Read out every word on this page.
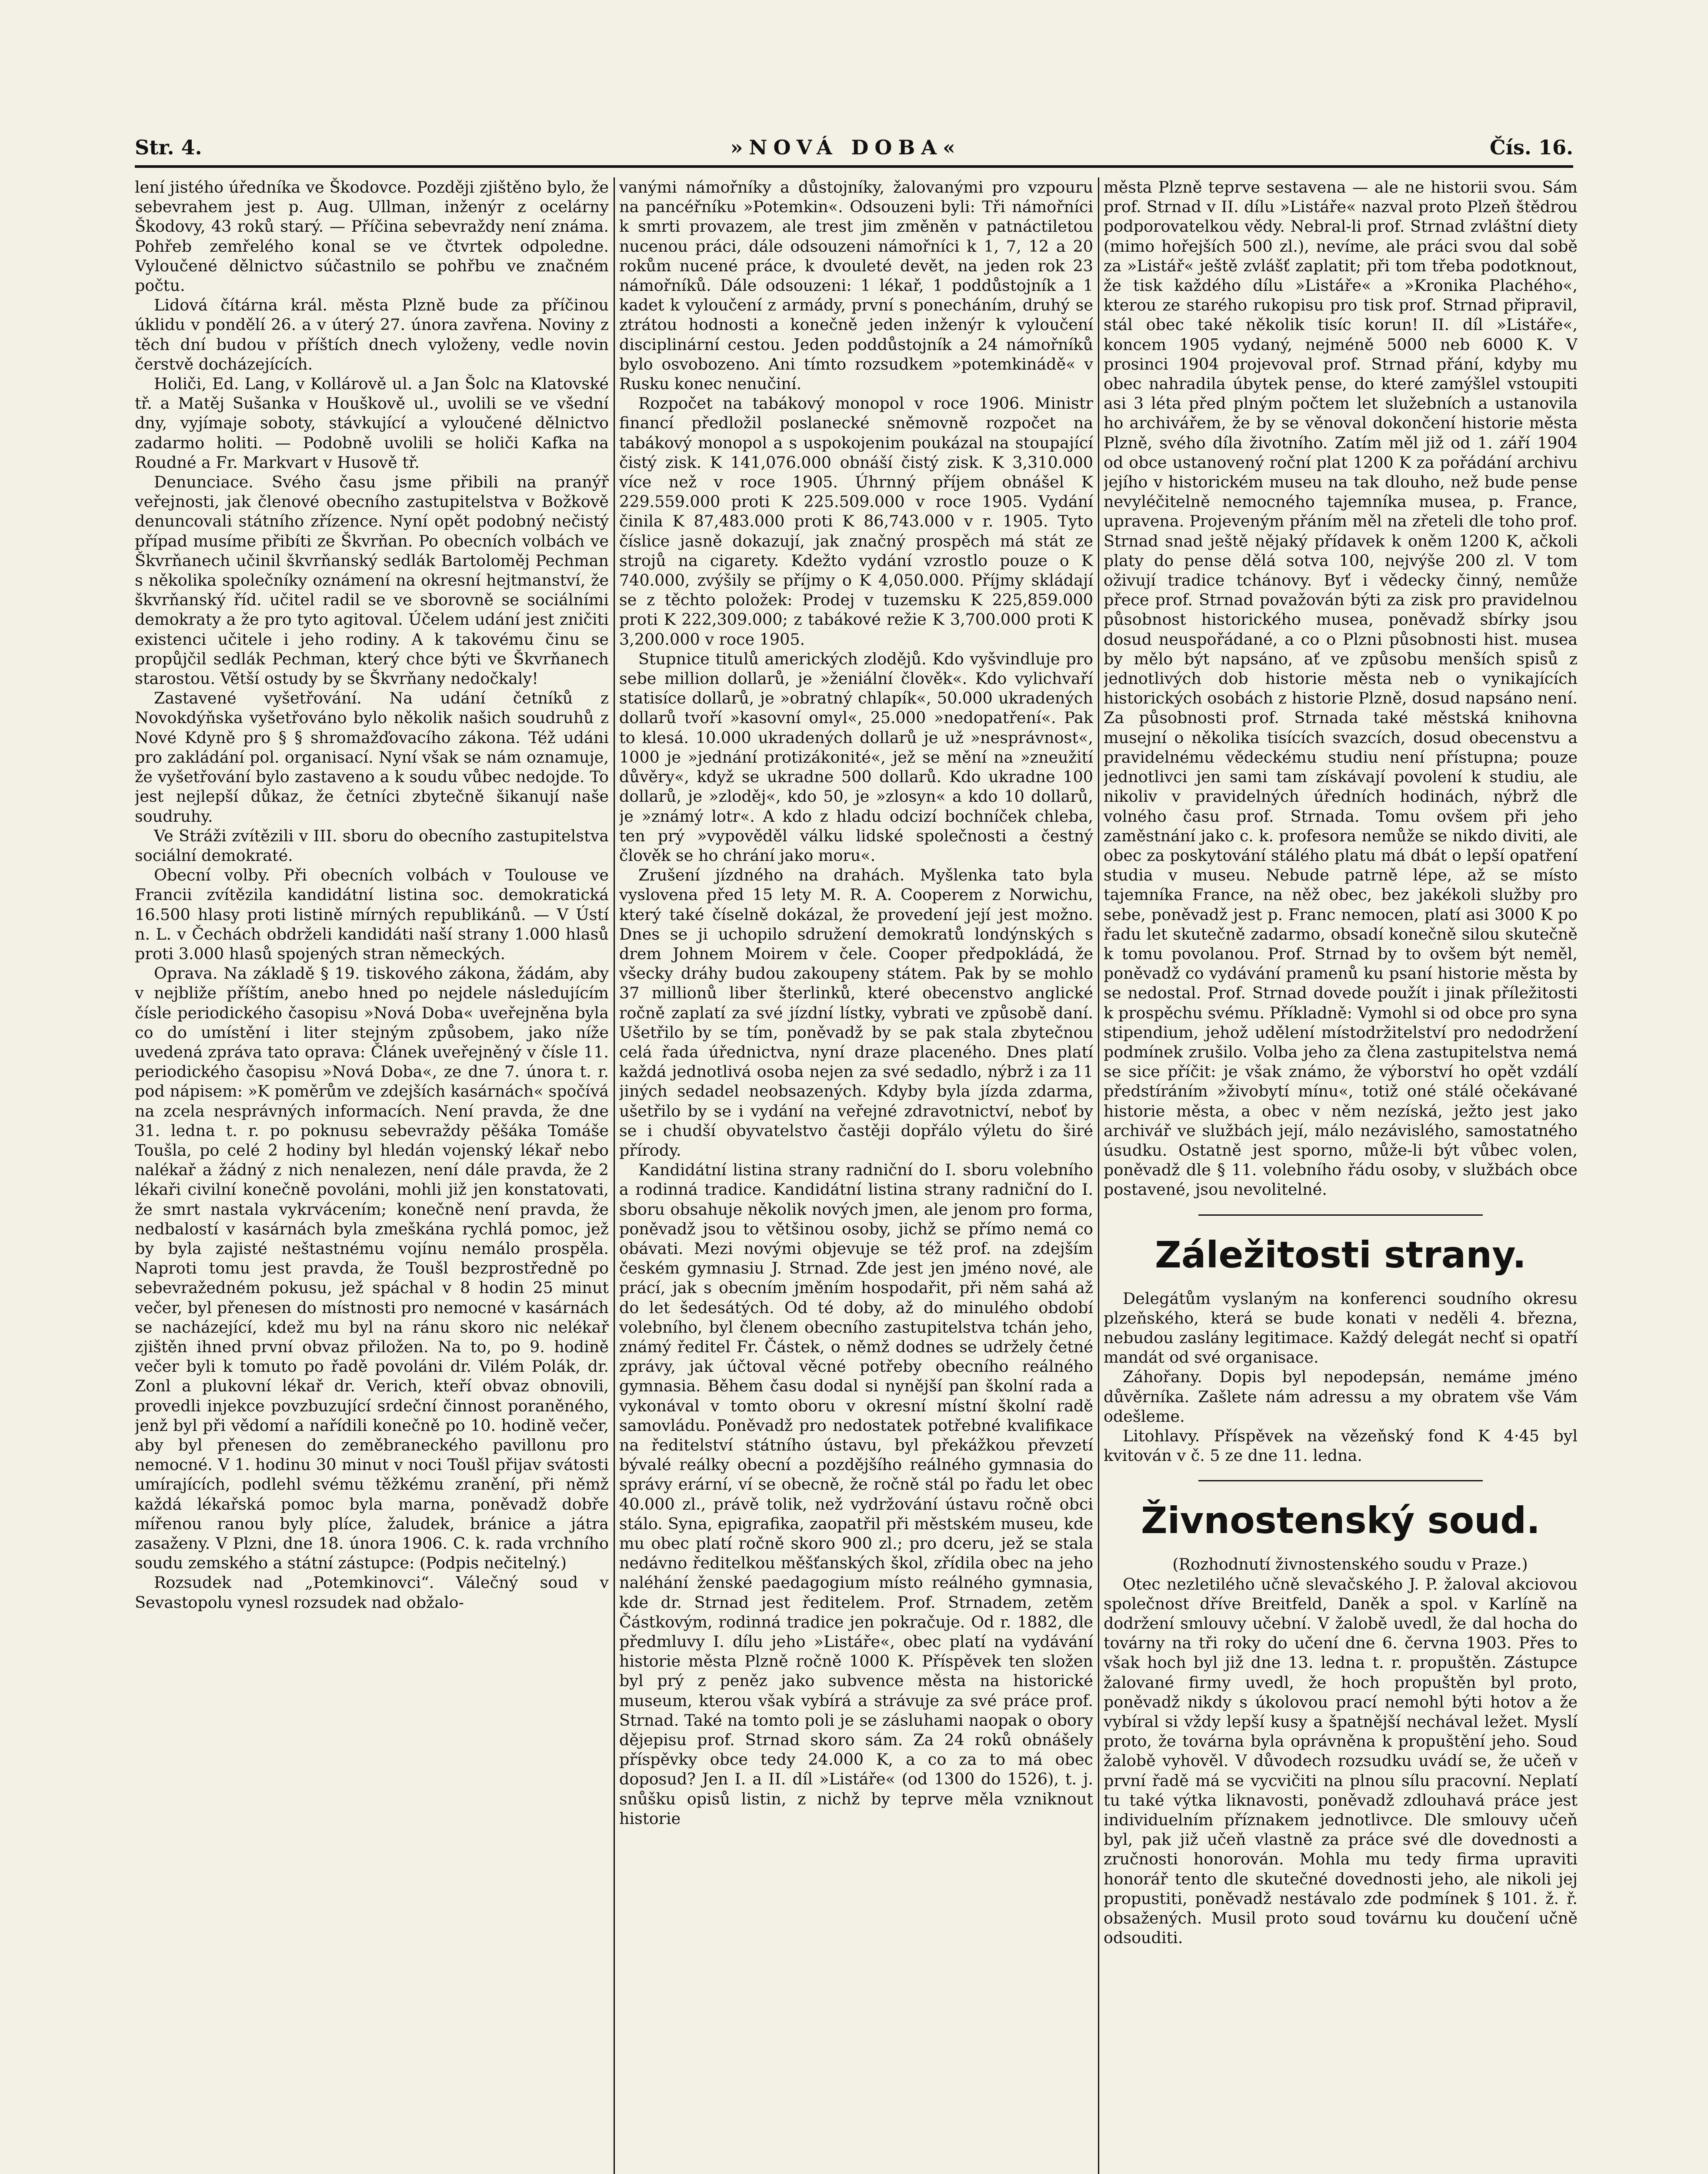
Str. 4.	»NOVÁ DOBA«	Čís. 16.

lení jistého úředníka ve Škodovce. Později zjištěno bylo, že sebevrahem jest p. Aug. Ullman, inženýr z ocelárny Škodovy, 43 roků starý. — Příčina sebevraždy není známa. Pohřeb zemřelého konal se ve čtvrtek odpoledne. Vyloučené dělnictvo súčastnilo se pohřbu ve značném počtu.

Lidová čítárna král. města Plzně bude za příčinou úklidu v pondělí 26. a v úterý 27. února zavřena. Noviny z těch dní budou v příštích dnech vyloženy, vedle novin čerstvě docházejících.

Holiči, Ed. Lang, v Kollárově ul. a Jan Šolc na Klatovské tř. a Matěj Sušanka v Houškově ul., uvolili se ve všední dny, vyjímaje soboty, stávkující a vyloučené dělnictvo zadarmo holiti. — Podobně uvolili se holiči Kafka na Roudné a Fr. Markvart v Husově tř.

Denunciace. Svého času jsme přibili na pranýř veřejnosti, jak členové obecního zastupitelstva v Božkově denuncovali státního zřízence. Nyní opět podobný nečistý případ musíme přibíti ze Škvrňan. Po obecních volbách ve Škvrňanech učinil škvrňanský sedlák Bartoloměj Pechman s několika společníky oznámení na okresní hejtmanství, že škvrňanský říd. učitel radil se ve sborovně se sociálními demokraty a že pro tyto agitoval. Účelem udání jest zničiti existenci učitele i jeho rodiny. A k takovému činu se propůjčil sedlák Pechman, který chce býti ve Škvrňanech starostou. Větší ostudy by se Škvrňany nedočkaly!

Zastavené vyšetřování. Na udání četníků z Novokdýňska vyšetřováno bylo několik našich soudruhů z Nové Kdyně pro § § shromažďovacího zákona. Též udáni pro zakládání pol. organisací. Nyní však se nám oznamuje, že vyšetřování bylo zastaveno a k soudu vůbec nedojde. To jest nejlepší důkaz, že četníci zbytečně šikanují naše soudruhy.

Ve Stráži zvítězili v III. sboru do obecního zastupitelstva sociální demokraté.

Obecní volby. Při obecních volbách v Toulouse ve Francii zvítězila kandidátní listina soc. demokratická 16.500 hlasy proti listině mírných republikánů. — V Ústí n. L. v Čechách obdrželi kandidáti naší strany 1.000 hlasů proti 3.000 hlasů spojených stran německých.

Oprava. Na základě § 19. tiskového zákona, žádám, aby v nejbliže příštím, anebo hned po nejdele následujícím čísle periodického časopisu »Nová Doba« uveřejněna byla co do umístění i liter stejným způsobem, jako níže uvedená zpráva tato oprava: Článek uveřejněný v čísle 11. periodického časopisu »Nová Doba«, ze dne 7. února t. r. pod nápisem: »K poměrům ve zdejších kasárnách« spočívá na zcela nesprávných informacích. Není pravda, že dne 31. ledna t. r. po poknusu sebevraždy pěšáka Tomáše Toušla, po celé 2 hodiny byl hledán vojenský lékař nebo nalékař a žádný z nich nenalezen, není dále pravda, že 2 lékaři civilní konečně povoláni, mohli již jen konstatovati, že smrt nastala vykrvácením; konečně není pravda, že nedbalostí v kasárnách byla zmeškána rychlá pomoc, jež by byla zajisté neštastnému vojínu nemálo prospěla. Naproti tomu jest pravda, že Toušl bezprostředně po sebevražedném pokusu, jež spáchal v 8 hodin 25 minut večer, byl přenesen do místnosti pro nemocné v kasárnách se nacházející, kdež mu byl na ránu skoro nic nelékař zjištěn ihned první obvaz přiložen. Na to, po 9. hodině večer byli k tomuto po řadě povoláni dr. Vilém Polák, dr. Zonl a plukovní lékař dr. Verich, kteří obvaz obnovili, provedli injekce povzbuzující srdeční činnost poraněného, jenž byl při vědomí a nařídili konečně po 10. hodině večer, aby byl přenesen do zeměbraneckého pavillonu pro nemocné. V 1. hodinu 30 minut v noci Toušl přijav svátosti umírajících, podlehl svému těžkému zranění, při němž každá lékařská pomoc byla marna, poněvadž dobře mířenou ranou byly plíce, žaludek, bránice a játra zasaženy. V Plzni, dne 18. února 1906. C. k. rada vrchního soudu zemského a státní zástupce: (Podpis nečitelný.)

Rozsudek nad „Potemkinovci“. Válečný soud v Sevastopolu vynesl rozsudek nad obžalo-

vanými námořníky a důstojníky, žalovanými pro vzpouru na pancéřníku »Potemkin«. Odsouzeni byli: Tři námořníci k smrti provazem, ale trest jim změněn v patnáctiletou nucenou práci, dále odsouzeni námořníci k 1, 7, 12 a 20 rokům nucené práce, k dvouleté devět, na jeden rok 23 námořníků. Dále odsouzeni: 1 lékař, 1 poddůstojník a 1 kadet k vyloučení z armády, první s ponecháním, druhý se ztrátou hodnosti a konečně jeden inženýr k vyloučení disciplinární cestou. Jeden poddůstojník a 24 námořníků bylo osvobozeno. Ani tímto rozsudkem »potemkinádě« v Rusku konec nenučiní.

Rozpočet na tabákový monopol v roce 1906. Ministr financí předložil poslanecké sněmovně rozpočet na tabákový monopol a s uspokojenim poukázal na stoupající čistý zisk. K 141,076.000 obnáší čistý zisk. K 3,310.000 více než v roce 1905. Úhrnný příjem obnášel K 229.559.000 proti K 225.509.000 v roce 1905. Vydání činila K 87,483.000 proti K 86,743.000 v r. 1905. Tyto číslice jasně dokazují, jak značný prospěch má stát ze strojů na cigarety. Kdežto vydání vzrostlo pouze o K 740.000, zvýšily se příjmy o K 4,050.000. Příjmy skládají se z těchto položek: Prodej v tuzemsku K 225,859.000 proti K 222,309.000; z tabákové režie K 3,700.000 proti K 3,200.000 v roce 1905.

Stupnice titulů amerických zlodějů. Kdo vyšvindluje pro sebe million dollarů, je »ženiální člověk«. Kdo vylichvaří statisíce dollarů, je »obratný chlapík«, 50.000 ukradených dollarů tvoří »kasovní omyl«, 25.000 »nedopatření«. Pak to klesá. 10.000 ukradených dollarů je už »nesprávnost«, 1000 je »jednání protizákonité«, jež se mění na »zneužití důvěry«, když se ukradne 500 dollarů. Kdo ukradne 100 dollarů, je »zloděj«, kdo 50, je »zlosyn« a kdo 10 dollarů, je »známý lotr«. A kdo z hladu odcizí bochníček chleba, ten prý »vypověděl válku lidské společnosti a čestný člověk se ho chrání jako moru«.

Zrušení jízdného na drahách. Myšlenka tato byla vyslovena před 15 lety M. R. A. Cooperem z Norwichu, který také číselně dokázal, že provedení její jest možno. Dnes se ji uchopilo sdružení demokratů londýnských s drem Johnem Moirem v čele. Cooper předpokládá, že všecky dráhy budou zakoupeny státem. Pak by se mohlo 37 millionů liber šterlinků, které obecenstvo anglické ročně zaplatí za své jízdní lístky, vybrati ve způsobě daní. Ušetřilo by se tím, poněvadž by se pak stala zbytečnou celá řada úřednictva, nyní draze placeného. Dnes platí každá jednotlivá osoba nejen za své sedadlo, nýbrž i za 11 jiných sedadel neobsazených. Kdyby byla jízda zdarma, ušetřilo by se i vydání na veřejné zdravotnictví, neboť by se i chudší obyvatelstvo častěji dopřálo výletu do širé přírody.

Kandidátní listina strany radniční do I. sboru volebního a rodinná tradice. Kandidátní listina strany radniční do I. sboru obsahuje několik nových jmen, ale jenom pro forma, poněvadž jsou to většinou osoby, jichž se přímo nemá co obávati. Mezi novými objevuje se též prof. na zdejším českém gymnasiu J. Strnad. Zde jest jen jméno nové, ale prácí, jak s obecním jměním hospodařit, při něm sahá až do let šedesátých. Od té doby, až do minulého období volebního, byl členem obecního zastupitelstva tchán jeho, známý ředitel Fr. Částek, o němž dodnes se udržely četné zprávy, jak účtoval věcné potřeby obecního reálného gymnasia. Během času dodal si nynější pan školní rada a vykonával v tomto oboru v okresní místní školní radě samovládu. Poněvadž pro nedostatek potřebné kvalifikace na ředitelství státního ústavu, byl překážkou převzetí bývalé reálky obecní a pozdějšího reálného gymnasia do správy erární, ví se obecně, že ročně stál po řadu let obec 40.000 zl., právě tolik, než vydržování ústavu ročně obci stálo. Syna, epigrafika, zaopatřil při městském museu, kde mu obec platí ročně skoro 900 zl.; pro dceru, jež se stala nedávno ředitelkou měšťanských škol, zřídila obec na jeho naléhání ženské paedagogium místo reálného gymnasia, kde dr. Strnad jest ředitelem. Prof. Strnadem, zetěm Částkovým, rodinná tradice jen pokračuje. Od r. 1882, dle předmluvy I. dílu jeho »Listáře«, obec platí na vydávání historie města Plzně ročně 1000 K. Příspěvek ten složen byl prý z peněz jako subvence města na historické museum, kterou však vybírá a strávuje za své práce prof. Strnad. Také na tomto poli je se zásluhami naopak o obory dějepisu prof. Strnad skoro sám. Za 24 roků obnášely příspěvky obce tedy 24.000 K, a co za to má obec doposud? Jen I. a II. díl »Listáře« (od 1300 do 1526), t. j. snůšku opisů listin, z nichž by teprve měla vzniknout historie

města Plzně teprve sestavena — ale ne historii svou. Sám prof. Strnad v II. dílu »Listáře« nazval proto Plzeň štědrou podporovatelkou vědy. Nebral-li prof. Strnad zvláštní diety (mimo hořejších 500 zl.), nevíme, ale práci svou dal sobě za »Listář« ještě zvlášť zaplatit; při tom třeba podotknout, že tisk každého dílu »Listáře« a »Kronika Plachého«, kterou ze starého rukopisu pro tisk prof. Strnad připravil, stál obec také několik tisíc korun! II. díl »Listáře«, koncem 1905 vydaný, nejméně 5000 neb 6000 K. V prosinci 1904 projevoval prof. Strnad přání, kdyby mu obec nahradila úbytek pense, do které zamýšlel vstoupiti asi 3 léta před plným počtem let služebních a ustanovila ho archivářem, že by se věnoval dokončení historie města Plzně, svého díla životního. Zatím měl již od 1. září 1904 od obce ustanovený roční plat 1200 K za pořádání archivu jejího v historickém museu na tak dlouho, než bude pense nevyléčitelně nemocného tajemníka musea, p. France, upravena. Projeveným přáním měl na zřeteli dle toho prof. Strnad snad ještě nějaký přídavek k oněm 1200 K, ačkoli platy do pense dělá sotva 100, nejvýše 200 zl. V tom oživují tradice tchánovy. Byť i vědecky činný, nemůže přece prof. Strnad považován býti za zisk pro pravidelnou působnost historického musea, poněvadž sbírky jsou dosud neuspořádané, a co o Plzni působnosti hist. musea by mělo být napsáno, ať ve způsobu menších spisů z jednotlivých dob historie města neb o vynikajících historických osobách z historie Plzně, dosud napsáno není. Za působnosti prof. Strnada také městská knihovna musejní o několika tisících svazcích, dosud obecenstvu a pravidelnému vědeckému studiu není přístupna; pouze jednotlivci jen sami tam získávají povolení k studiu, ale nikoliv v pravidelných úředních hodinách, nýbrž dle volného času prof. Strnada. Tomu ovšem při jeho zaměstnání jako c. k. profesora nemůže se nikdo diviti, ale obec za poskytování stálého platu má dbát o lepší opatření studia v museu. Nebude patrně lépe, až se místo tajemníka France, na něž obec, bez jakékoli služby pro sebe, poněvadž jest p. Franc nemocen, platí asi 3000 K po řadu let skutečně zadarmo, obsadí konečně silou skutečně k tomu povolanou. Prof. Strnad by to ovšem být neměl, poněvadž co vydávání pramenů ku psaní historie města by se nedostal. Prof. Strnad dovede použít i jinak příležitosti k prospěchu svému. Příkladně: Vymohl si od obce pro syna stipendium, jehož udělení místodržitelství pro nedodržení podmínek zrušilo. Volba jeho za člena zastupitelstva nemá se sice příčit: je však známo, že výborství ho opět vzdálí předstíráním »živobytí mínu«, totiž oné stálé očekávané historie města, a obec v něm nezíská, ježto jest jako archivář ve službách její, málo nezávislého, samostatného úsudku. Ostatně jest sporno, může-li být vůbec volen, poněvadž dle § 11. volebního řádu osoby, v službách obce postavené, jsou nevolitelné.

Záležitosti strany.

Delegátům vyslaným na konferenci soudního okresu plzeňského, která se bude konati v neděli 4. března, nebudou zaslány legitimace. Každý delegát nechť si opatří mandát od své organisace.

Záhořany. Dopis byl nepodepsán, nemáme jméno důvěrníka. Zašlete nám adressu a my obratem vše Vám odešleme.

Litohlavy. Příspěvek na vězeňský fond K 4·45 byl kvitován v č. 5 ze dne 11. ledna.

Živnostenský soud.

(Rozhodnutí živnostenského soudu v Praze.)

Otec nezletilého učně slevačského J. P. žaloval akciovou společnost dříve Breitfeld, Daněk a spol. v Karlíně na dodržení smlouvy učební. V žalobě uvedl, že dal hocha do továrny na tři roky do učení dne 6. června 1903. Přes to však hoch byl již dne 13. ledna t. r. propuštěn. Zástupce žalované firmy uvedl, že hoch propuštěn byl proto, poněvadž nikdy s úkolovou prací nemohl býti hotov a že vybíral si vždy lepší kusy a špatnější nechával ležet. Myslí proto, že továrna byla oprávněna k propuštění jeho. Soud žalobě vyhověl. V důvodech rozsudku uvádí se, že učeň v první řadě má se vycvičiti na plnou sílu pracovní. Neplatí tu také výtka liknavosti, poněvadž zdlouhavá práce jest individuelním příznakem jednotlivce. Dle smlouvy učeň byl, pak již učeň vlastně za práce své dle dovednosti a zručnosti honorován. Mohla mu tedy firma upraviti honorář tento dle skutečné dovednosti jeho, ale nikoli jej propustiti, poněvadž nestávalo zde podmínek § 101. ž. ř. obsažených. Musil proto soud továrnu ku doučení učně odsouditi.
